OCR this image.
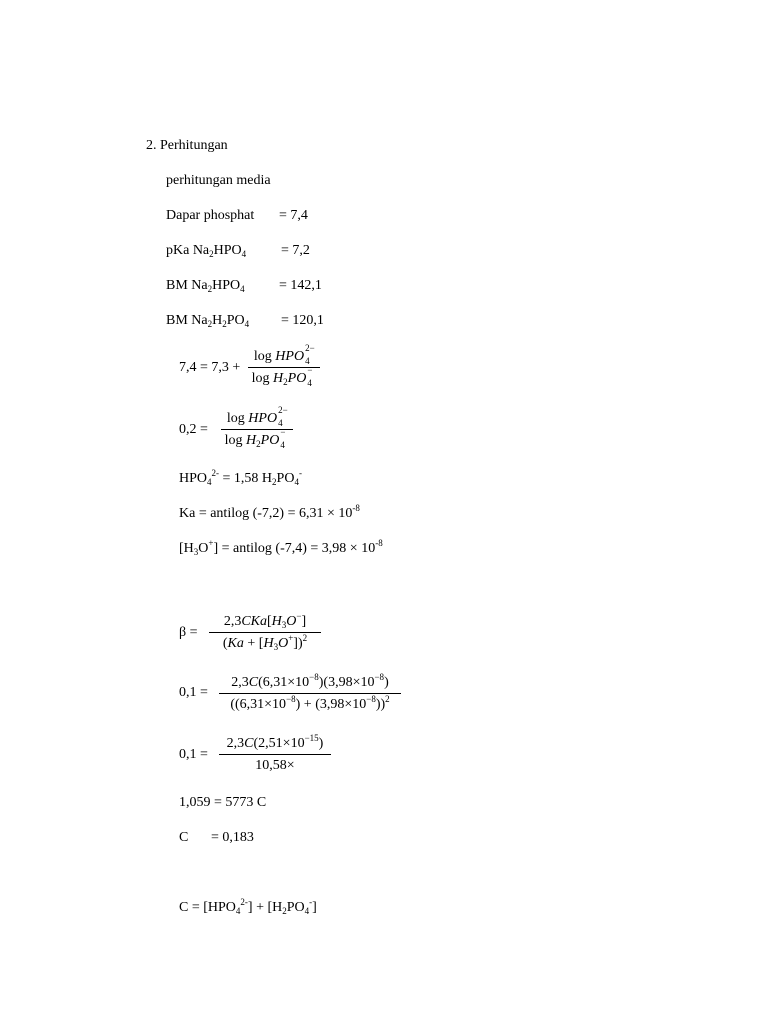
2. Perhitungan
perhitungan media
Dapar phosphat = 7,4
pKa $Na_2HPO_4 = 7,2$
BM $Na_2HPO_4 = 142,1$
BM $Na_2H_2PO_4 = 120,1$
7,4 = 7,3 +
log HPO
2−
4
$\log H_2PO$
−
4
0,2 =
log HPO
2−
4
$\log H_2PO$
−
4
$HPO_4^{2-} = 1,58$ $H_2PO_4^-$
Ka = antilog $(-7,2) = 6,31 \times 10^{-8}$
$[H_3O^+]$ = antilog $(-7,4) = 3,98 \times 10^{-8}$
β =
$2,3CKa[H_3O^-]$
$(Ka + [H_3O^+])^2$
0,1 =
$2,3C(6,31\times 10^{-8})(3,98\times 10^{-8})$
$((6,31\times 10^{-8}) + (3,98\times 10^{-8}))^2$
0,1 =
$2,3C(2,51\times 10^{-15})$
10,58×
1,059 = 5773 C
C = 0,183
$C = [HPO_4^{2-}] + [H_2PO_4^-]$
